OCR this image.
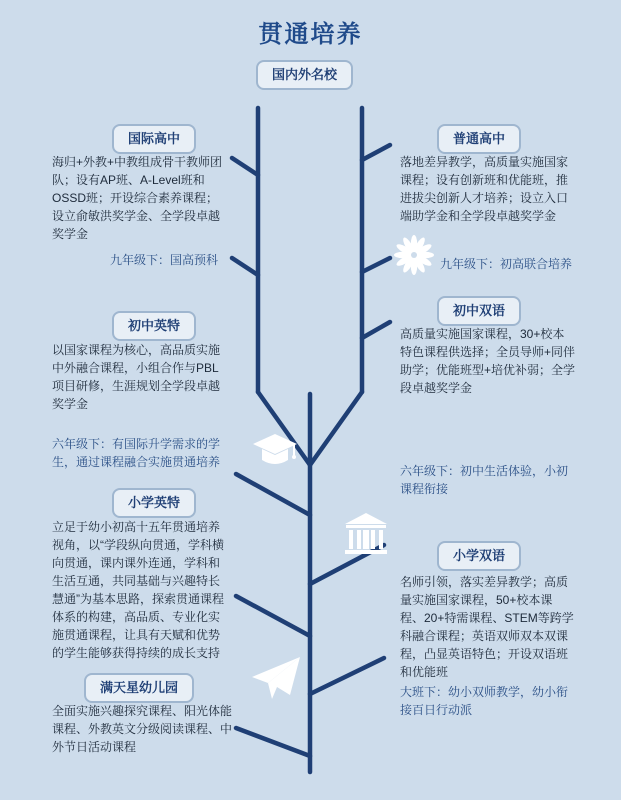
贯通培养
国内外名校
国际高中
海归+外教+中教组成骨干教师团队；设有AP班、A-Level班和OSSD班；开设综合素养课程；设立俞敏洪奖学金、全学段卓越奖学金
九年级下：国高预科
初中英特
以国家课程为核心，高品质实施中外融合课程，小组合作与PBL项目研修，生涯规划全学段卓越奖学金
六年级下：有国际升学需求的学生，通过课程融合实施贯通培养
小学英特
立足于幼小初高十五年贯通培养视角，以“学段纵向贯通，学科横向贯通，课内课外连通，学科和生活互通，共同基础与兴趣特长慧通”为基本思路，探索贯通课程体系的构建，高品质、专业化实施贯通课程，让具有天赋和优势的学生能够获得持续的成长支持
满天星幼儿园
全面实施兴趣探究课程、阳光体能课程、外教英文分级阅读课程、中外节日活动课程
普通高中
落地差异教学，高质量实施国家课程；设有创新班和优能班，推进拔尖创新人才培养；设立入口端助学金和全学段卓越奖学金
九年级下：初高联合培养
初中双语
高质量实施国家课程，30+校本特色课程供选择；全员导师+同伴助学；优能班型+培优补弱；全学段卓越奖学金
六年级下：初中生活体验，小初课程衔接
小学双语
名师引领，落实差异教学；高质量实施国家课程，50+校本课程、20+特需课程、STEM等跨学科融合课程；英语双师双本双课程，凸显英语特色；开设双语班和优能班
大班下：幼小双师教学，幼小衔接百日行动派
